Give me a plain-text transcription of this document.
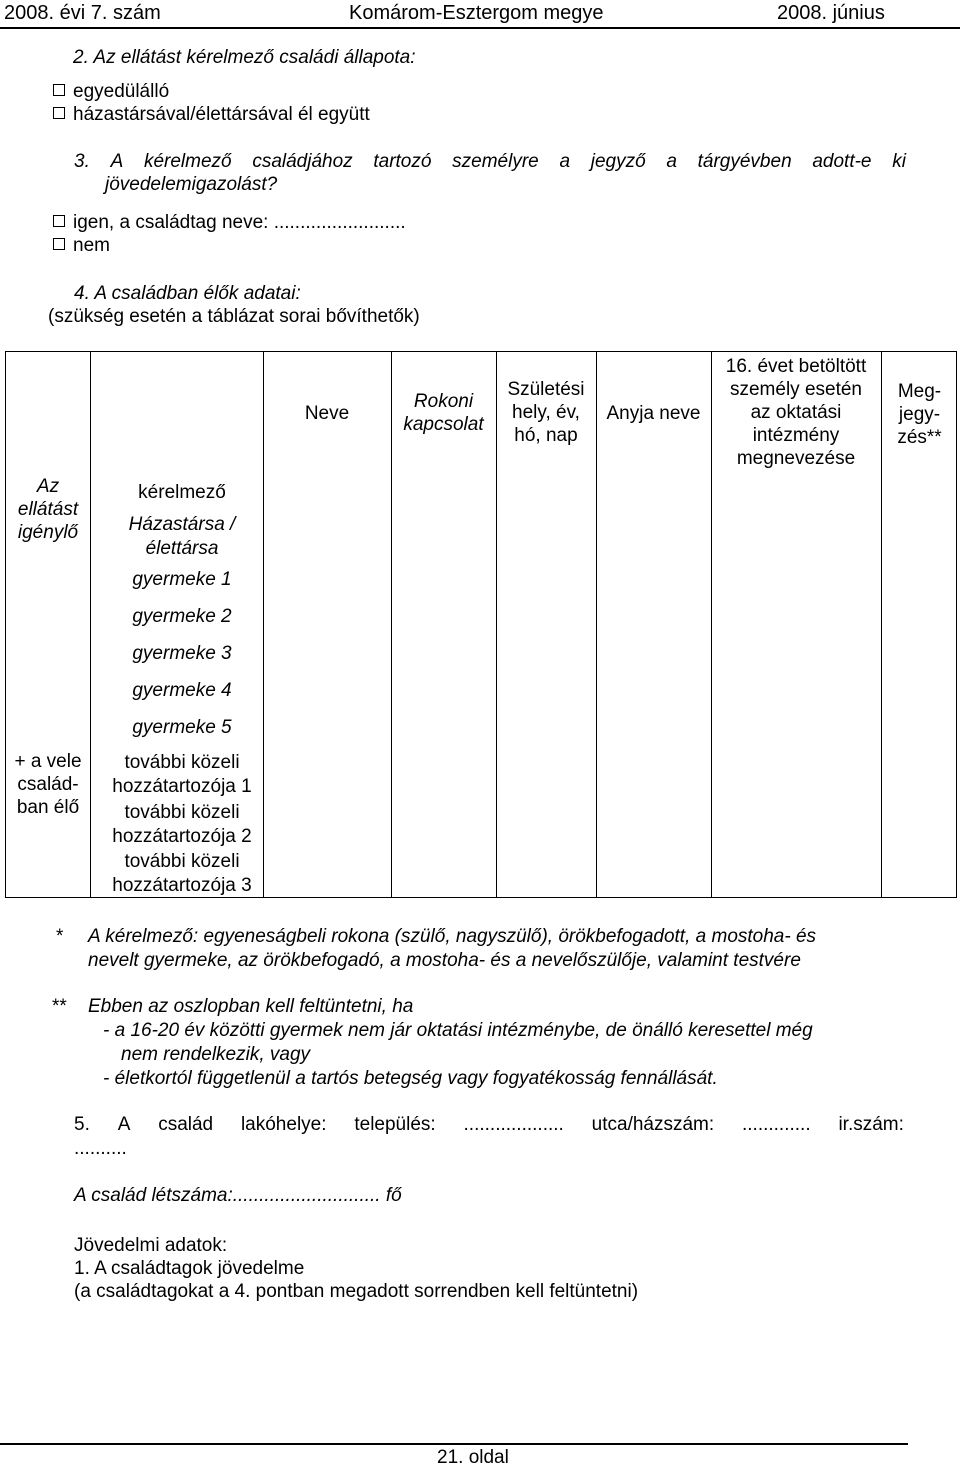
2008. évi 7. szám	Komárom-Esztergom megye	2008. június
2. Az ellátást kérelmező családi állapota:
egyedülálló
házastársával/élettársával él együtt
3. A kérelmező családjához tartozó személyre a jegyző a tárgyévben adott-e ki
jövedelemigazolást?
igen, a családtag neve: .........................
nem
4. A családban élők adatai:
(szükség esetén a táblázat sorai bővíthetők)
Neve
Rokoni
kapcsolat
Születési
hely, év,
hó, nap
Anyja neve
16. évet betöltött
személy esetén
az oktatási
intézmény
megnevezése
Meg-
jegy-
zés**
Az
ellátást
igénylő
+ a vele
család-
ban élő
kérelmező
Házastársa /
élettársa
gyermeke 1
gyermeke 2
gyermeke 3
gyermeke 4
gyermeke 5
további közeli
hozzátartozója 1
további közeli
hozzátartozója 2
további közeli
hozzátartozója 3
* A kérelmező: egyeneságbeli rokona (szülő, nagyszülő), örökbefogadott, a mostoha- és
nevelt gyermeke, az örökbefogadó, a mostoha- és a nevelőszülője, valamint testvére
** Ebben az oszlopban kell feltüntetni, ha
- a 16-20 év közötti gyermek nem jár oktatási intézménybe, de önálló keresettel még
nem rendelkezik, vagy
- életkortól függetlenül a tartós betegség vagy fogyatékosság fennállását.
5. A család lakóhelye: település: ................... utca/házszám: ............. ir.szám:
..........
A család létszáma:............................ fő
Jövedelmi adatok:
1. A családtagok jövedelme
(a családtagokat a 4. pontban megadott sorrendben kell feltüntetni)
21. oldal
